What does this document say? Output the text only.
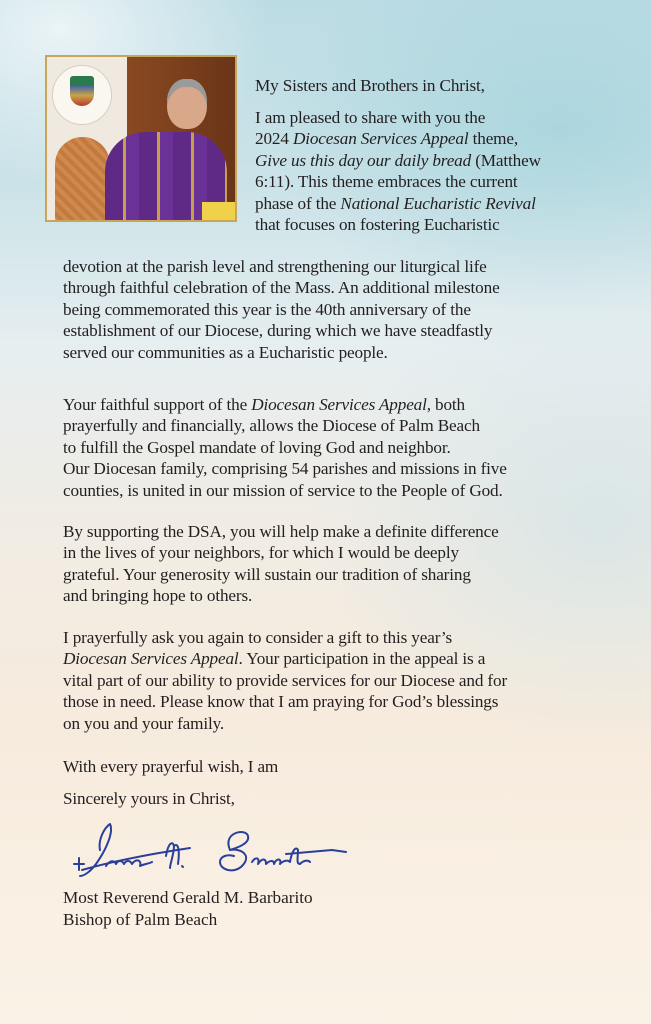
My Sisters and Brothers in Christ,
I am pleased to share with you the
2024 Diocesan Services Appeal theme,
Give us this day our daily bread (Matthew
6:11). This theme embraces the current
phase of the National Eucharistic Revival
that focuses on fostering Eucharistic
devotion at the parish level and strengthening our liturgical life
through faithful celebration of the Mass. An additional milestone
being commemorated this year is the 40th anniversary of the
establishment of our Diocese, during which we have steadfastly
served our communities as a Eucharistic people.
Your faithful support of the Diocesan Services Appeal, both
prayerfully and financially, allows the Diocese of Palm Beach
to fulfill the Gospel mandate of loving God and neighbor.
Our Diocesan family, comprising 54 parishes and missions in five
counties, is united in our mission of service to the People of God.
By supporting the DSA, you will help make a definite difference
in the lives of your neighbors, for which I would be deeply
grateful. Your generosity will sustain our tradition of sharing
and bringing hope to others.
I prayerfully ask you again to consider a gift to this year’s
Diocesan Services Appeal. Your participation in the appeal is a
vital part of our ability to provide services for our Diocese and for
those in need. Please know that I am praying for God’s blessings
on you and your family.
With every prayerful wish, I am
Sincerely yours in Christ,
Most Reverend Gerald M. Barbarito
Bishop of Palm Beach
